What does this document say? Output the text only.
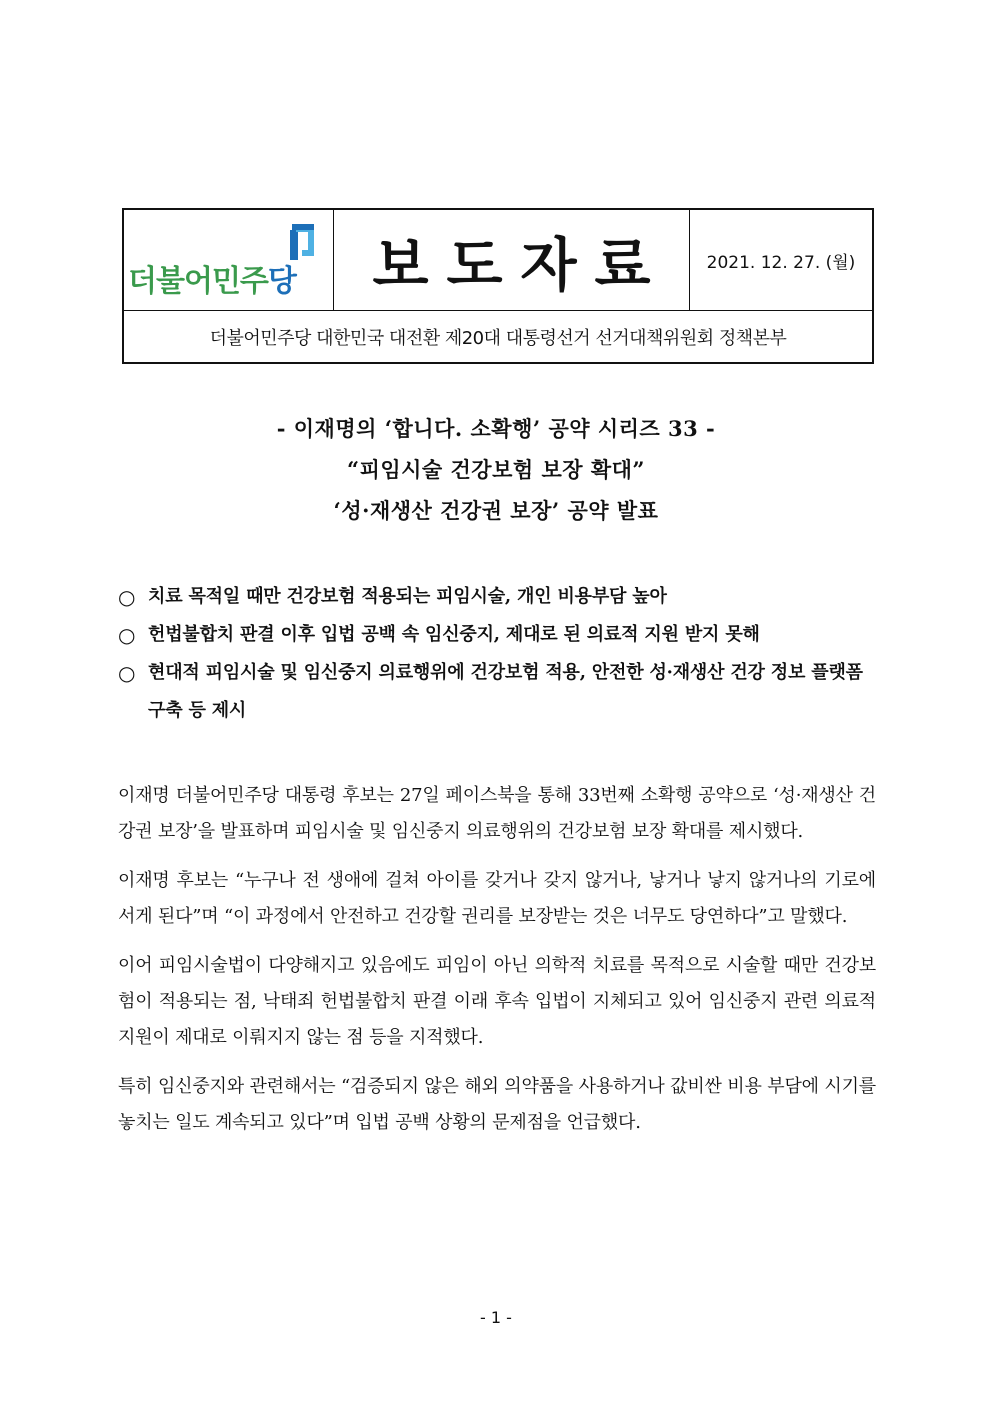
더불어민주당	보도자료	2021. 12. 27. (월)
더불어민주당 대한민국 대전환 제20대 대통령선거 선거대책위원회 정책본부
- 이재명의 ‘합니다. 소확행’ 공약 시리즈 33 -
“피임시술 건강보험 보장 확대”
‘성·재생산 건강권 보장’ 공약 발표
○ 치료 목적일 때만 건강보험 적용되는 피임시술, 개인 비용부담 높아
○ 헌법불합치 판결 이후 입법 공백 속 임신중지, 제대로 된 의료적 지원 받지 못해
○ 현대적 피임시술 및 임신중지 의료행위에 건강보험 적용, 안전한 성·재생산 건강 정보 플랫폼 구축 등 제시

이재명 더불어민주당 대통령 후보는 27일 페이스북을 통해 33번째 소확행 공약으로 ‘성·재생산 건강권 보장’을 발표하며 피임시술 및 임신중지 의료행위의 건강보험 보장 확대를 제시했다.

이재명 후보는 “누구나 전 생애에 걸쳐 아이를 갖거나 갖지 않거나, 낳거나 낳지 않거나의 기로에 서게 된다”며 “이 과정에서 안전하고 건강할 권리를 보장받는 것은 너무도 당연하다”고 말했다.

이어 피임시술법이 다양해지고 있음에도 피임이 아닌 의학적 치료를 목적으로 시술할 때만 건강보험이 적용되는 점, 낙태죄 헌법불합치 판결 이래 후속 입법이 지체되고 있어 임신중지 관련 의료적 지원이 제대로 이뤄지지 않는 점 등을 지적했다.

특히 임신중지와 관련해서는 “검증되지 않은 해외 의약품을 사용하거나 값비싼 비용 부담에 시기를 놓치는 일도 계속되고 있다”며 입법 공백 상황의 문제점을 언급했다.

- 1 -
